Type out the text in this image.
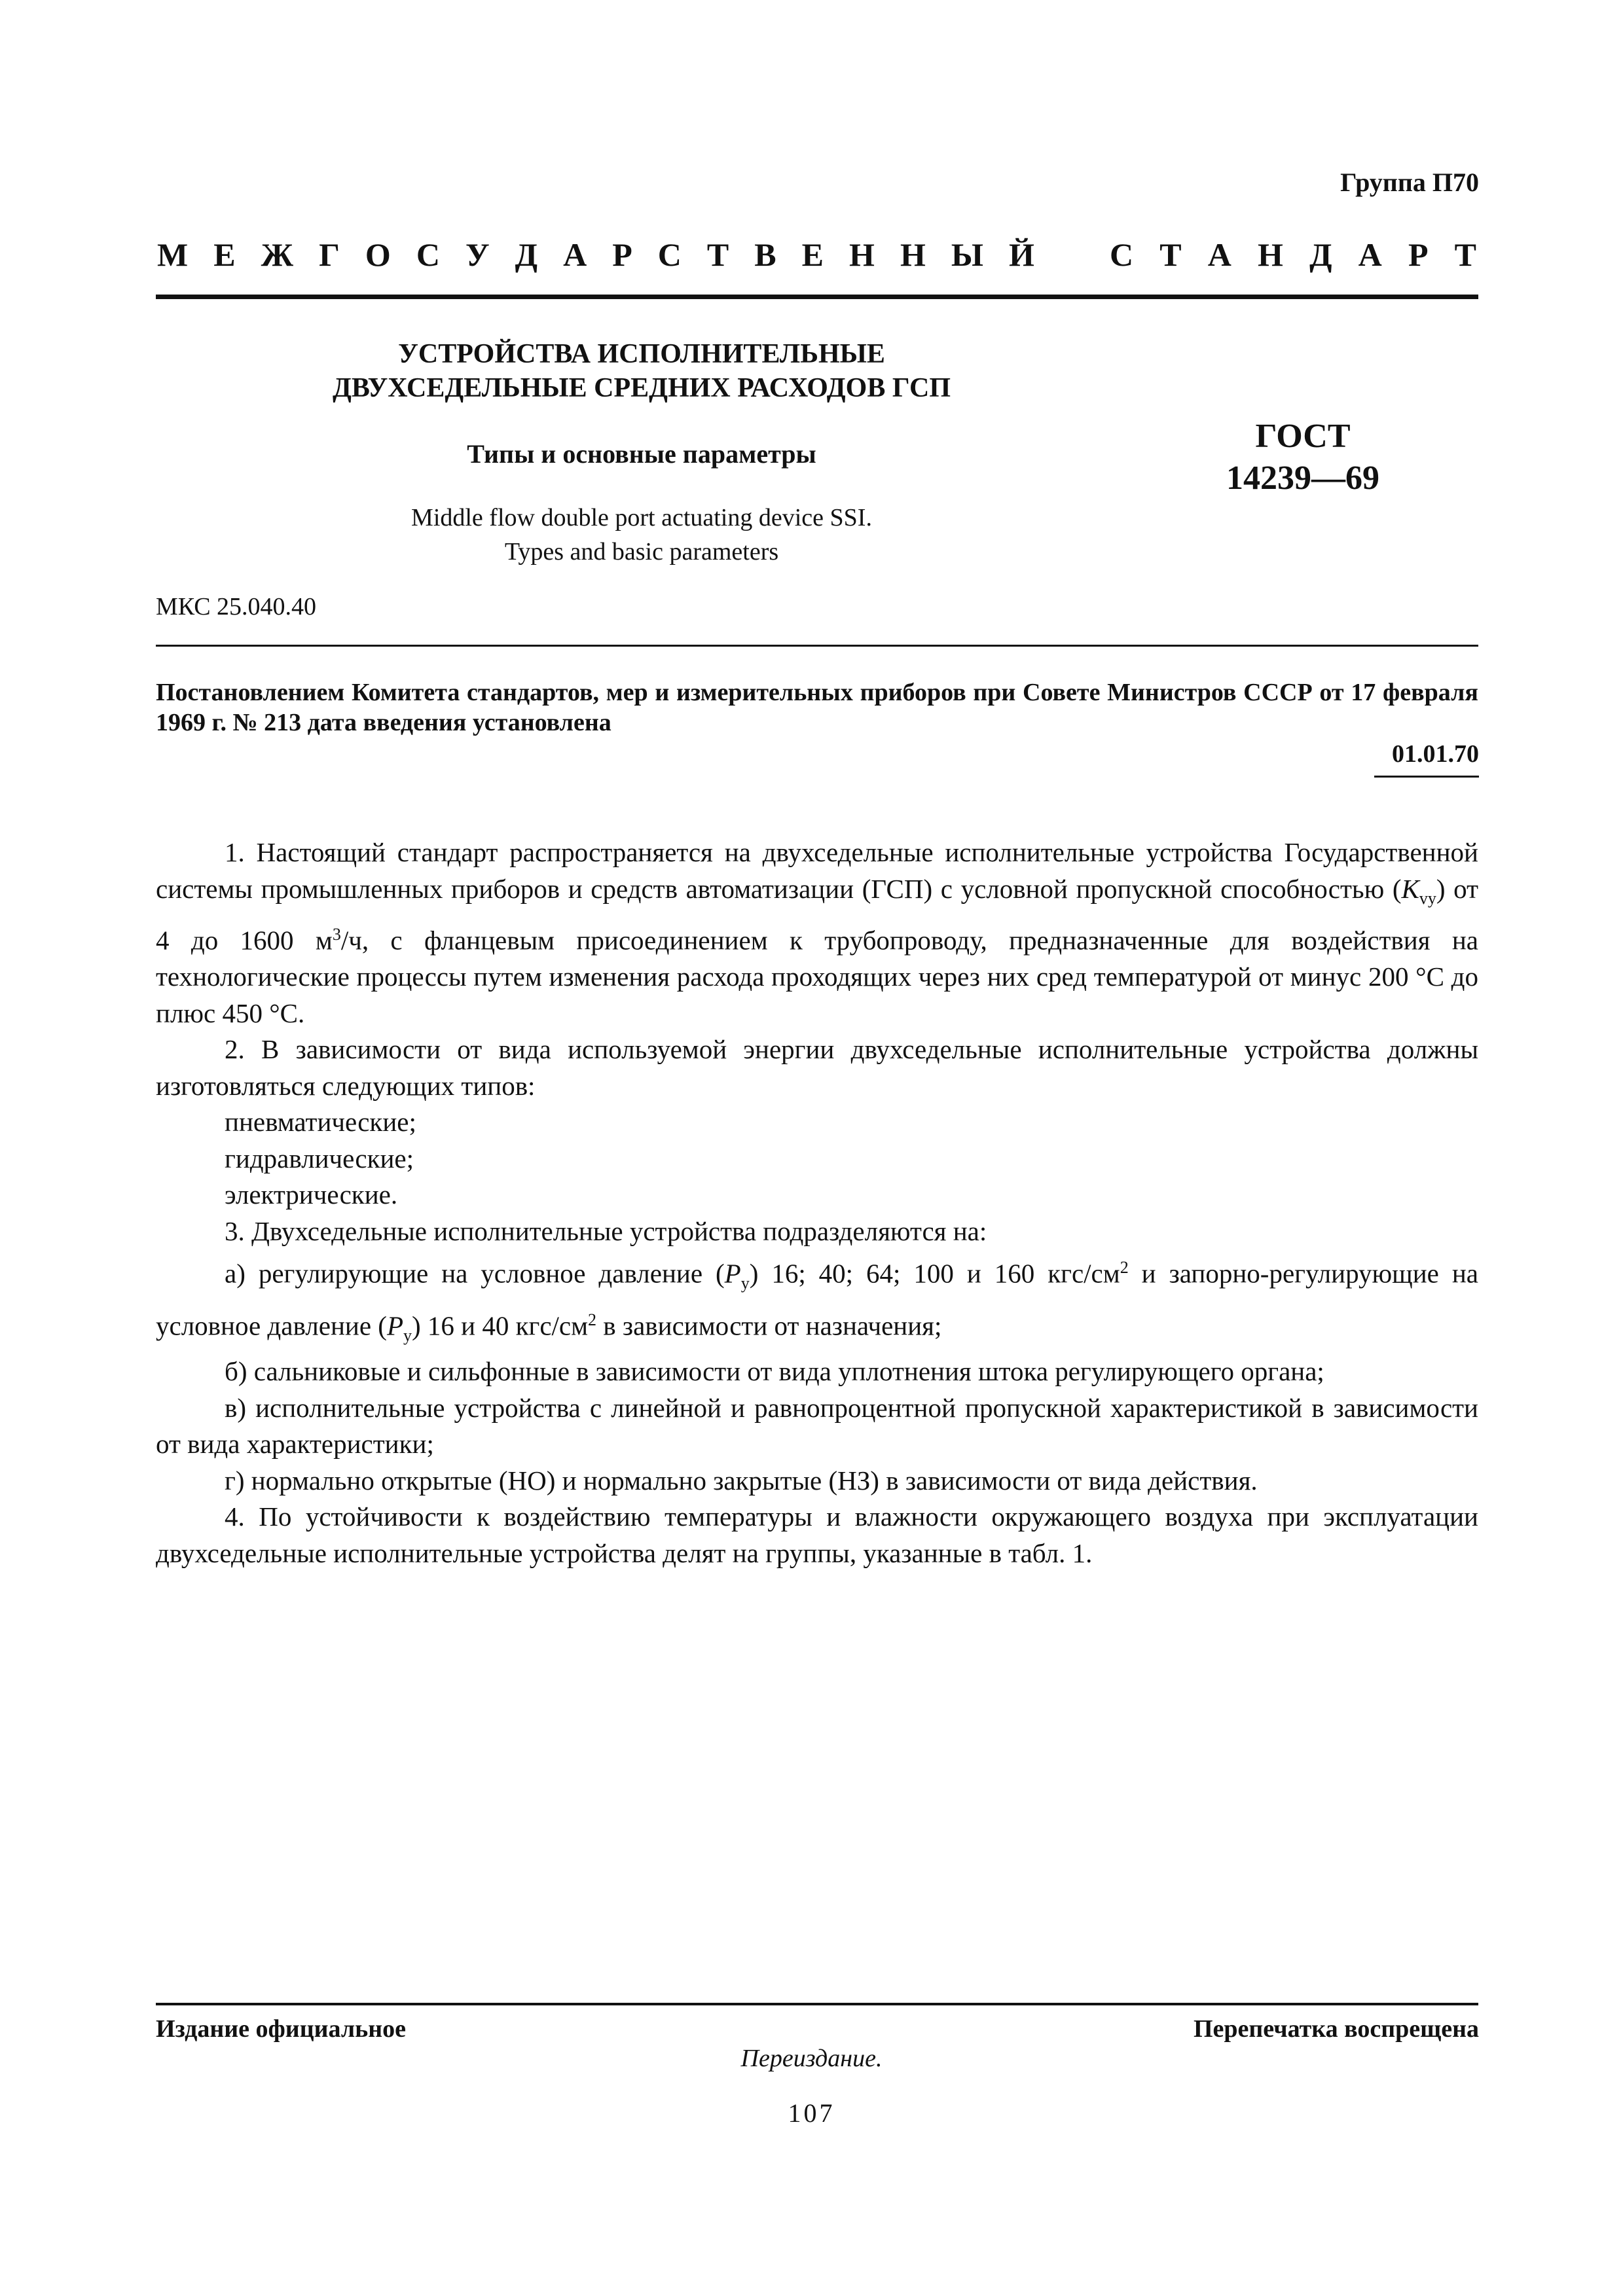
Группа П70
М Е Ж Г О С У Д А Р С Т В Е Н Н Ы Й С Т А Н Д А Р Т
УСТРОЙСТВА ИСПОЛНИТЕЛЬНЫЕ
ДВУХСЕДЕЛЬНЫЕ СРЕДНИХ РАСХОДОВ ГСП
Типы и основные параметры
Middle flow double port actuating device SSI.
Types and basic parameters
ГОСТ
14239—69
МКС 25.040.40
Постановлением Комитета стандартов, мер и измерительных приборов при Совете Министров СССР от 17 февраля 1969 г. № 213 дата введения установлена
01.01.70

1. Настоящий стандарт распространяется на двухседельные исполнительные устройства Государственной системы промышленных приборов и средств автоматизации (ГСП) с условной пропускной способностью $(K_{vy})$ от 4 до 1600 $м^3/ч$, с фланцевым присоединением к трубопроводу, предназначенные для воздействия на технологические процессы путем изменения расхода проходящих через них сред температурой от минус 200 °С до плюс 450 °С.

2. В зависимости от вида используемой энергии двухседельные исполнительные устройства должны изготовляться следующих типов:

пневматические;

гидравлические;

электрические.

3. Двухседельные исполнительные устройства подразделяются на:

а) регулирующие на условное давление $(P_y)$ 16; 40; 64; 100 и 160 кгс/$см^2$ и запорно-регулирующие на условное давление $(P_y)$ 16 и 40 кгс/$см^2$ в зависимости от назначения;

б) сальниковые и сильфонные в зависимости от вида уплотнения штока регулирующего органа;

в) исполнительные устройства с линейной и равнопроцентной пропускной характеристикой в зависимости от вида характеристики;

г) нормально открытые (НО) и нормально закрытые (НЗ) в зависимости от вида действия.

4. По устойчивости к воздействию температуры и влажности окружающего воздуха при эксплуатации двухседельные исполнительные устройства делят на группы, указанные в табл. 1.

Издание официальное	Перепечатка воспрещена
Переиздание.
107
